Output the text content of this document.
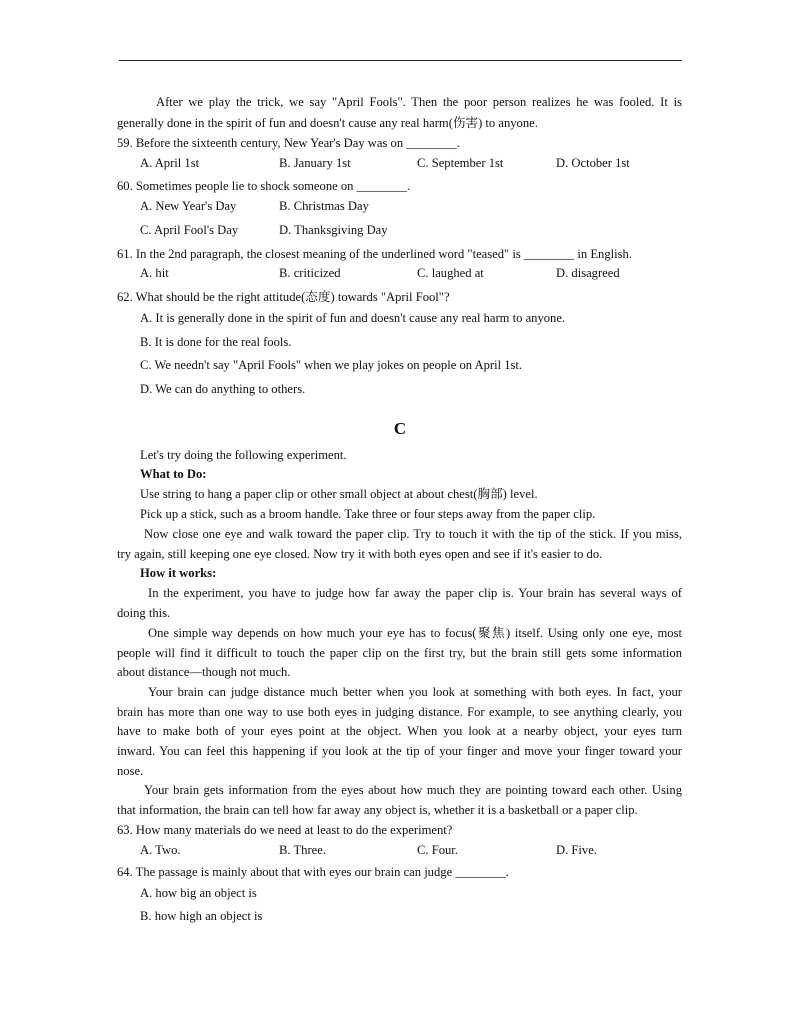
After we play the trick, we say "April Fools". Then the poor person realizes he was fooled. It is
generally done in the spirit of fun and doesn't cause any real harm(伤害) to anyone.
59. Before the sixteenth century, New Year's Day was on ________.
A. April 1st	B. January 1st	C. September 1st	D. October 1st
60. Sometimes people lie to shock someone on ________.
A. New Year's Day	B. Christmas Day
C. April Fool's Day	D. Thanksgiving Day
61. In the 2nd paragraph, the closest meaning of the underlined word "teased" is ________ in English.
A. hit	B. criticized	C. laughed at	D. disagreed
62. What should be the right attitude(态度) towards "April Fool"?
A. It is generally done in the spirit of fun and doesn't cause any real harm to anyone.
B. It is done for the real fools.
C. We needn't say "April Fools" when we play jokes on people on April 1st.
D. We can do anything to others.
C
Let's try doing the following experiment.
What to Do:
Use string to hang a paper clip or other small object at about chest(胸部) level.
Pick up a stick, such as a broom handle. Take three or four steps away from the paper clip.
Now close one eye and walk toward the paper clip. Try to touch it with the tip of the stick. If you miss,
try again, still keeping one eye closed. Now try it with both eyes open and see if it's easier to do.
How it works:
In the experiment, you have to judge how far away the paper clip is. Your brain has several ways of
doing this.
One simple way depends on how much your eye has to focus(聚焦) itself. Using only one eye, most
people will find it difficult to touch the paper clip on the first try, but the brain still gets some information
about distance—though not much.
Your brain can judge distance much better when you look at something with both eyes. In fact, your
brain has more than one way to use both eyes in judging distance. For example, to see anything clearly, you
have to make both of your eyes point at the object. When you look at a nearby object, your eyes turn
inward. You can feel this happening if you look at the tip of your finger and move your finger toward your
nose.
Your brain gets information from the eyes about how much they are pointing toward each other. Using
that information, the brain can tell how far away any object is, whether it is a basketball or a paper clip.
63. How many materials do we need at least to do the experiment?
A. Two.	B. Three.	C. Four.	D. Five.
64. The passage is mainly about that with eyes our brain can judge ________.
A. how big an object is
B. how high an object is
